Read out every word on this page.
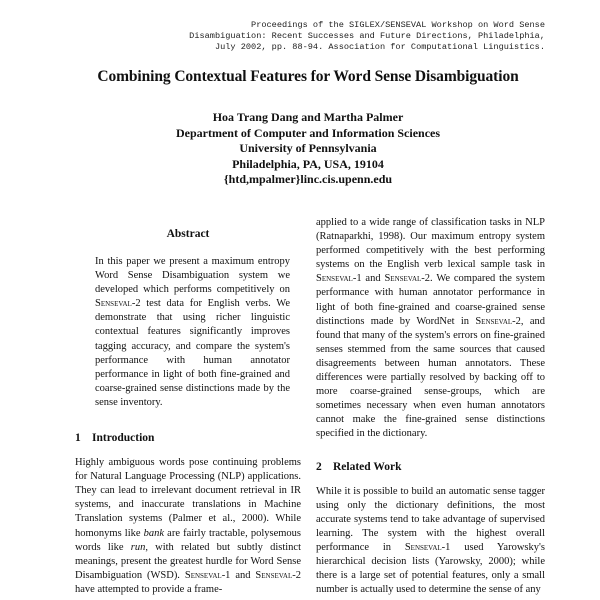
Proceedings of the SIGLEX/SENSEVAL Workshop on Word Sense
Disambiguation: Recent Successes and Future Directions, Philadelphia,
July 2002, pp. 88-94. Association for Computational Linguistics.
Combining Contextual Features for Word Sense Disambiguation
Hoa Trang Dang and Martha Palmer
Department of Computer and Information Sciences
University of Pennsylvania
Philadelphia, PA, USA, 19104
{htd,mpalmer}linc.cis.upenn.edu
Abstract
In this paper we present a maximum entropy Word Sense Disambiguation system we developed which performs competitively on Senseval-2 test data for English verbs. We demonstrate that using richer linguistic contextual features significantly improves tagging accuracy, and compare the system's performance with human annotator performance in light of both fine-grained and coarse-grained sense distinctions made by the sense inventory.
1 Introduction
Highly ambiguous words pose continuing problems for Natural Language Processing (NLP) applications. They can lead to irrelevant document retrieval in IR systems, and inaccurate translations in Machine Translation systems (Palmer et al., 2000). While homonyms like bank are fairly tractable, polysemous words like run, with related but subtly distinct meanings, present the greatest hurdle for Word Sense Disambiguation (WSD). Senseval-1 and Senseval-2 have attempted to provide a frame-
applied to a wide range of classification tasks in NLP (Ratnaparkhi, 1998). Our maximum entropy system performed competitively with the best performing systems on the English verb lexical sample task in Senseval-1 and Senseval-2. We compared the system performance with human annotator performance in light of both fine-grained and coarse-grained sense distinctions made by WordNet in Senseval-2, and found that many of the system's errors on fine-grained senses stemmed from the same sources that caused disagreements between human annotators. These differences were partially resolved by backing off to more coarse-grained sense-groups, which are sometimes necessary when even human annotators cannot make the fine-grained sense distinctions specified in the dictionary.
2 Related Work
While it is possible to build an automatic sense tagger using only the dictionary definitions, the most accurate systems tend to take advantage of supervised learning. The system with the highest overall performance in Senseval-1 used Yarowsky's hierarchical decision lists (Yarowsky, 2000); while there is a large set of potential features, only a small number is actually used to determine the sense of any
